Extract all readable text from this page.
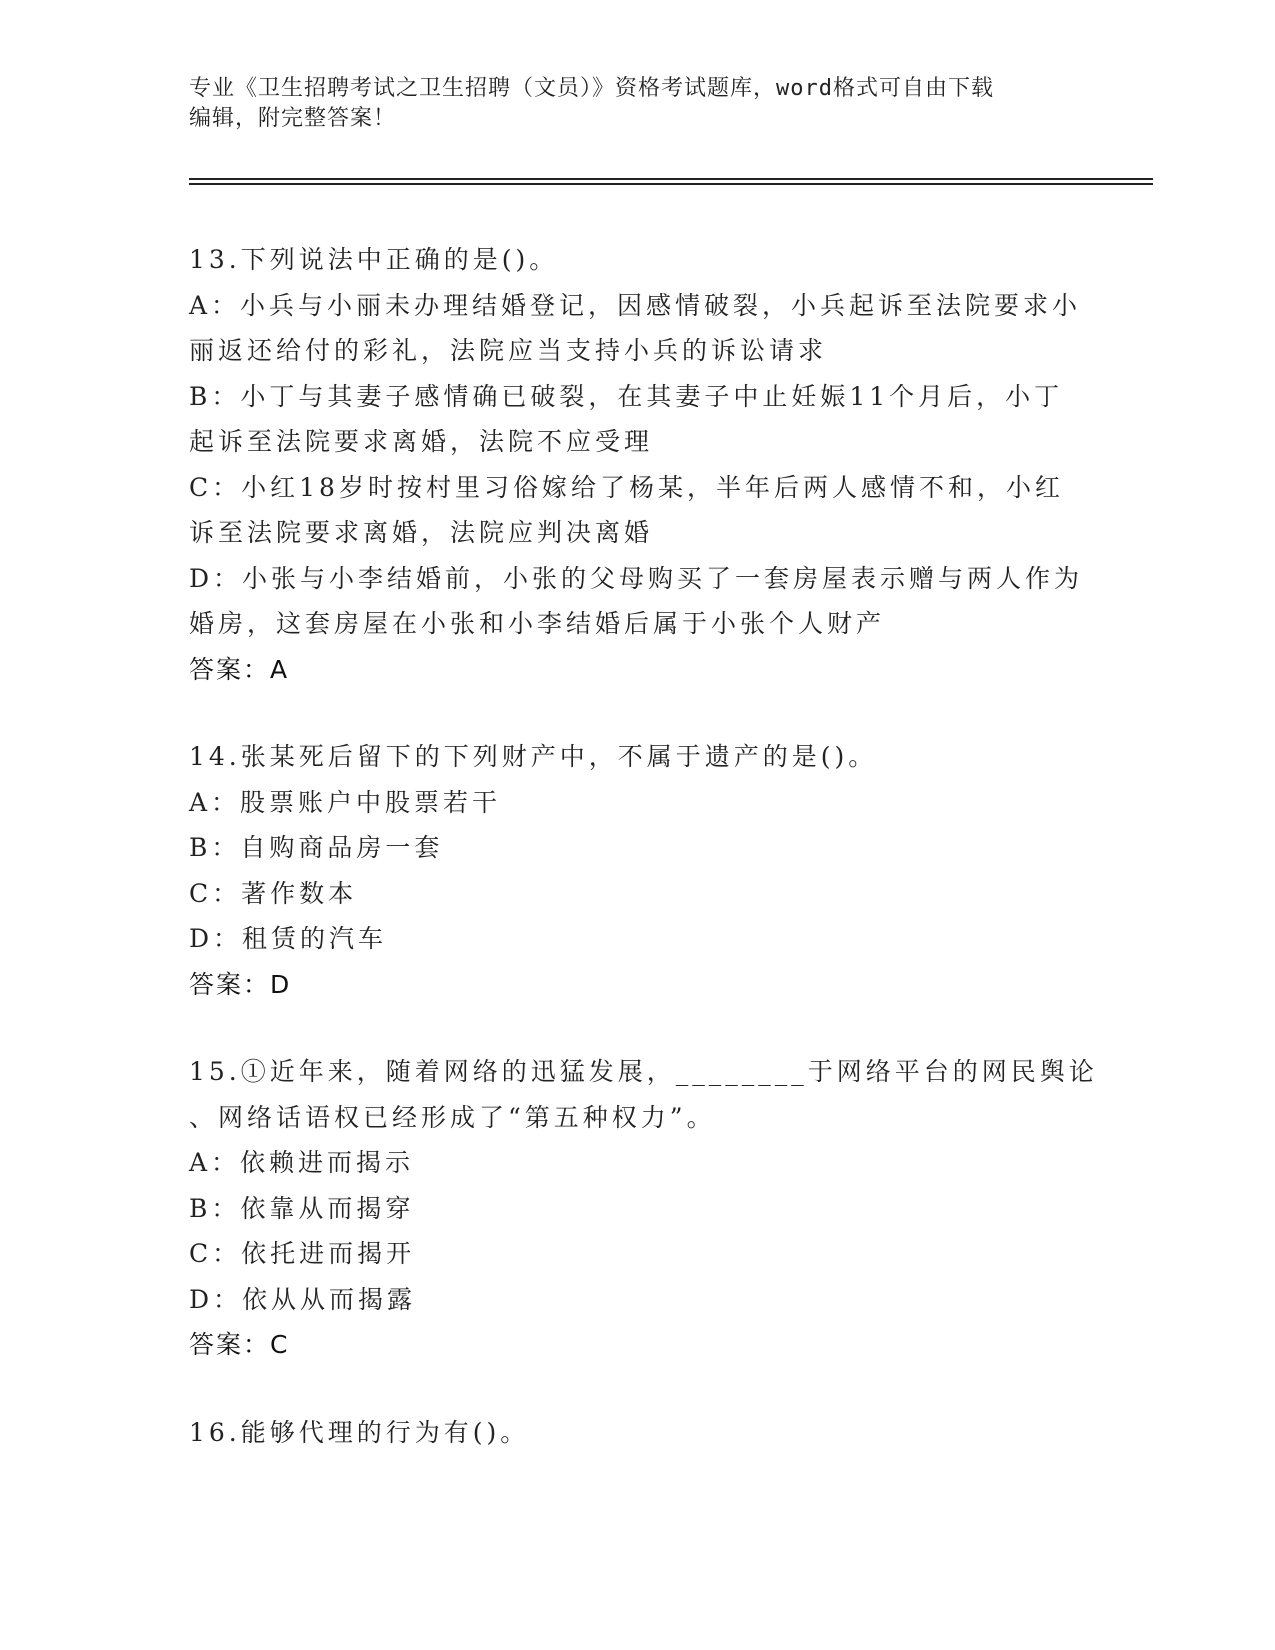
专业《卫生招聘考试之卫生招聘（文员）》资格考试题库，word格式可自由下载
编辑，附完整答案！
13.下列说法中正确的是()。
A：小兵与小丽未办理结婚登记，因感情破裂，小兵起诉至法院要求小
丽返还给付的彩礼，法院应当支持小兵的诉讼请求
B：小丁与其妻子感情确已破裂，在其妻子中止妊娠11个月后，小丁
起诉至法院要求离婚，法院不应受理
C：小红18岁时按村里习俗嫁给了杨某，半年后两人感情不和，小红
诉至法院要求离婚，法院应判决离婚
D：小张与小李结婚前，小张的父母购买了一套房屋表示赠与两人作为
婚房，这套房屋在小张和小李结婚后属于小张个人财产
答案：A
14.张某死后留下的下列财产中，不属于遗产的是()。
A：股票账户中股票若干
B：自购商品房一套
C：著作数本
D：租赁的汽车
答案：D
15.①近年来，随着网络的迅猛发展，________于网络平台的网民舆论
、网络话语权已经形成了“第五种权力”。
A：依赖进而揭示
B：依靠从而揭穿
C：依托进而揭开
D：依从从而揭露
答案：C
16.能够代理的行为有()。
